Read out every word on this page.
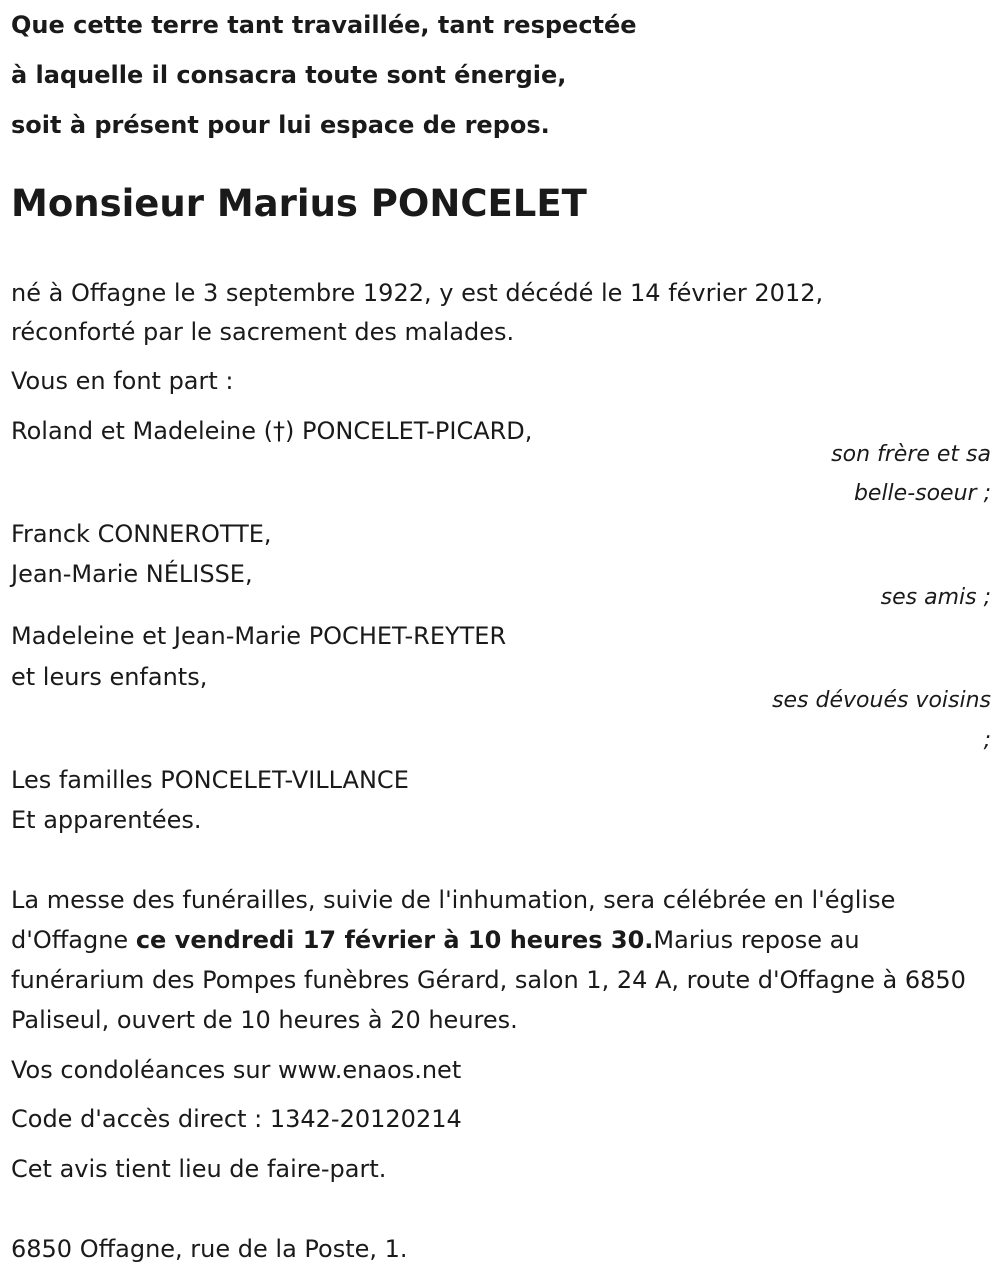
Que cette terre tant travaillée, tant respectée
à laquelle il consacra toute sont énergie,
soit à présent pour lui espace de repos.
Monsieur Marius PONCELET
né à Offagne le 3 septembre 1922, y est décédé le 14 février 2012,
réconforté par le sacrement des malades.
Vous en font part :
Roland et Madeleine (†) PONCELET-PICARD,
son frère et sa
belle-soeur ;
Franck CONNEROTTE,
Jean-Marie NÉLISSE,
ses amis ;
Madeleine et Jean-Marie POCHET-REYTER
et leurs enfants,
ses dévoués voisins
;
Les familles PONCELET-VILLANCE
Et apparentées.
La messe des funérailles, suivie de l'inhumation, sera célébrée en l'église d'Offagne ce vendredi 17 février à 10 heures 30.Marius repose au funérarium des Pompes funèbres Gérard, salon 1, 24 A, route d'Offagne à 6850 Paliseul, ouvert de 10 heures à 20 heures.
Vos condoléances sur www.enaos.net
Code d'accès direct : 1342-20120214
Cet avis tient lieu de faire-part.
6850 Offagne, rue de la Poste, 1.
